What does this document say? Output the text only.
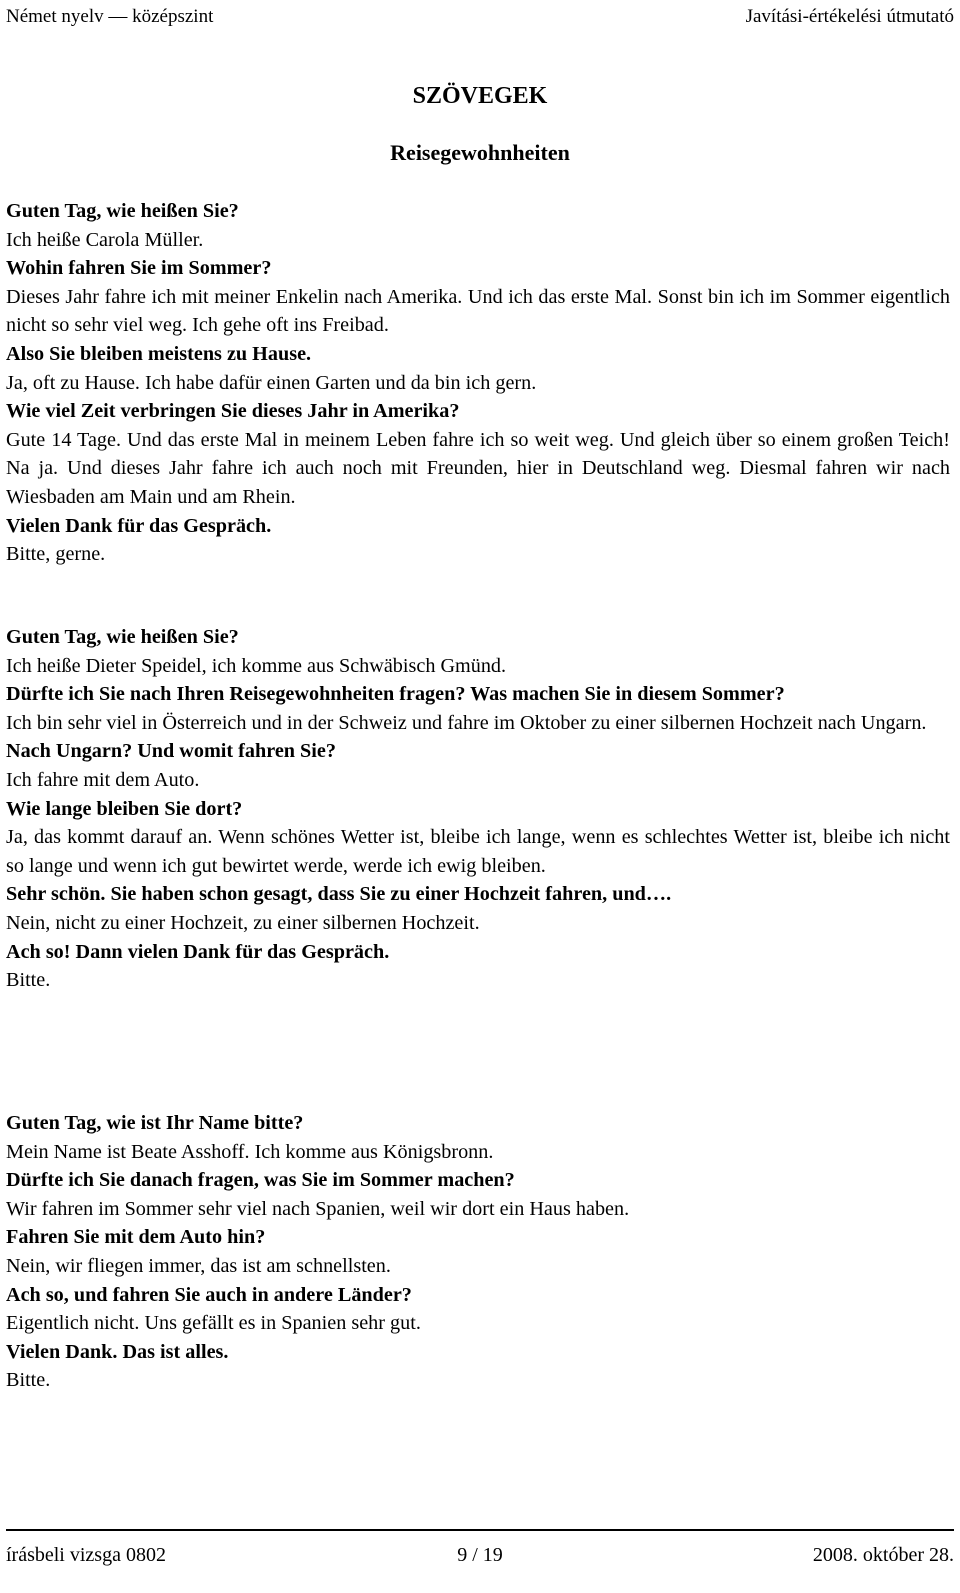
Német nyelv — középszint	Javítási-értékelési útmutató
SZÖVEGEK
Reisegewohnheiten

Guten Tag, wie heißen Sie?

Ich heiße Carola Müller.

Wohin fahren Sie im Sommer?

Dieses Jahr fahre ich mit meiner Enkelin nach Amerika. Und ich das erste Mal. Sonst bin ich im Sommer eigentlich nicht so sehr viel weg. Ich gehe oft ins Freibad.

Also Sie bleiben meistens zu Hause.

Ja, oft zu Hause. Ich habe dafür einen Garten und da bin ich gern.

Wie viel Zeit verbringen Sie dieses Jahr in Amerika?

Gute 14 Tage. Und das erste Mal in meinem Leben fahre ich so weit weg. Und gleich über so einem großen Teich! Na ja. Und dieses Jahr fahre ich auch noch mit Freunden, hier in Deutschland weg. Diesmal fahren wir nach Wiesbaden am Main und am Rhein.

Vielen Dank für das Gespräch.

Bitte, gerne.

Guten Tag, wie heißen Sie?

Ich heiße Dieter Speidel, ich komme aus Schwäbisch Gmünd.

Dürfte ich Sie nach Ihren Reisegewohnheiten fragen? Was machen Sie in diesem Sommer?

Ich bin sehr viel in Österreich und in der Schweiz und fahre im Oktober zu einer silbernen Hochzeit nach Ungarn.

Nach Ungarn? Und womit fahren Sie?

Ich fahre mit dem Auto.

Wie lange bleiben Sie dort?

Ja, das kommt darauf an. Wenn schönes Wetter ist, bleibe ich lange, wenn es schlechtes Wetter ist, bleibe ich nicht so lange und wenn ich gut bewirtet werde, werde ich ewig bleiben.

Sehr schön. Sie haben schon gesagt, dass Sie zu einer Hochzeit fahren, und….

Nein, nicht zu einer Hochzeit, zu einer silbernen Hochzeit.

Ach so! Dann vielen Dank für das Gespräch.

Bitte.

Guten Tag, wie ist Ihr Name bitte?

Mein Name ist Beate Asshoff. Ich komme aus Königsbronn.

Dürfte ich Sie danach fragen, was Sie im Sommer machen?

Wir fahren im Sommer sehr viel nach Spanien, weil wir dort ein Haus haben.

Fahren Sie mit dem Auto hin?

Nein, wir fliegen immer, das ist am schnellsten.

Ach so, und fahren Sie auch in andere Länder?

Eigentlich nicht. Uns gefällt es in Spanien sehr gut.

Vielen Dank. Das ist alles.

Bitte.

írásbeli vizsga 0802	9 / 19	2008. október 28.
